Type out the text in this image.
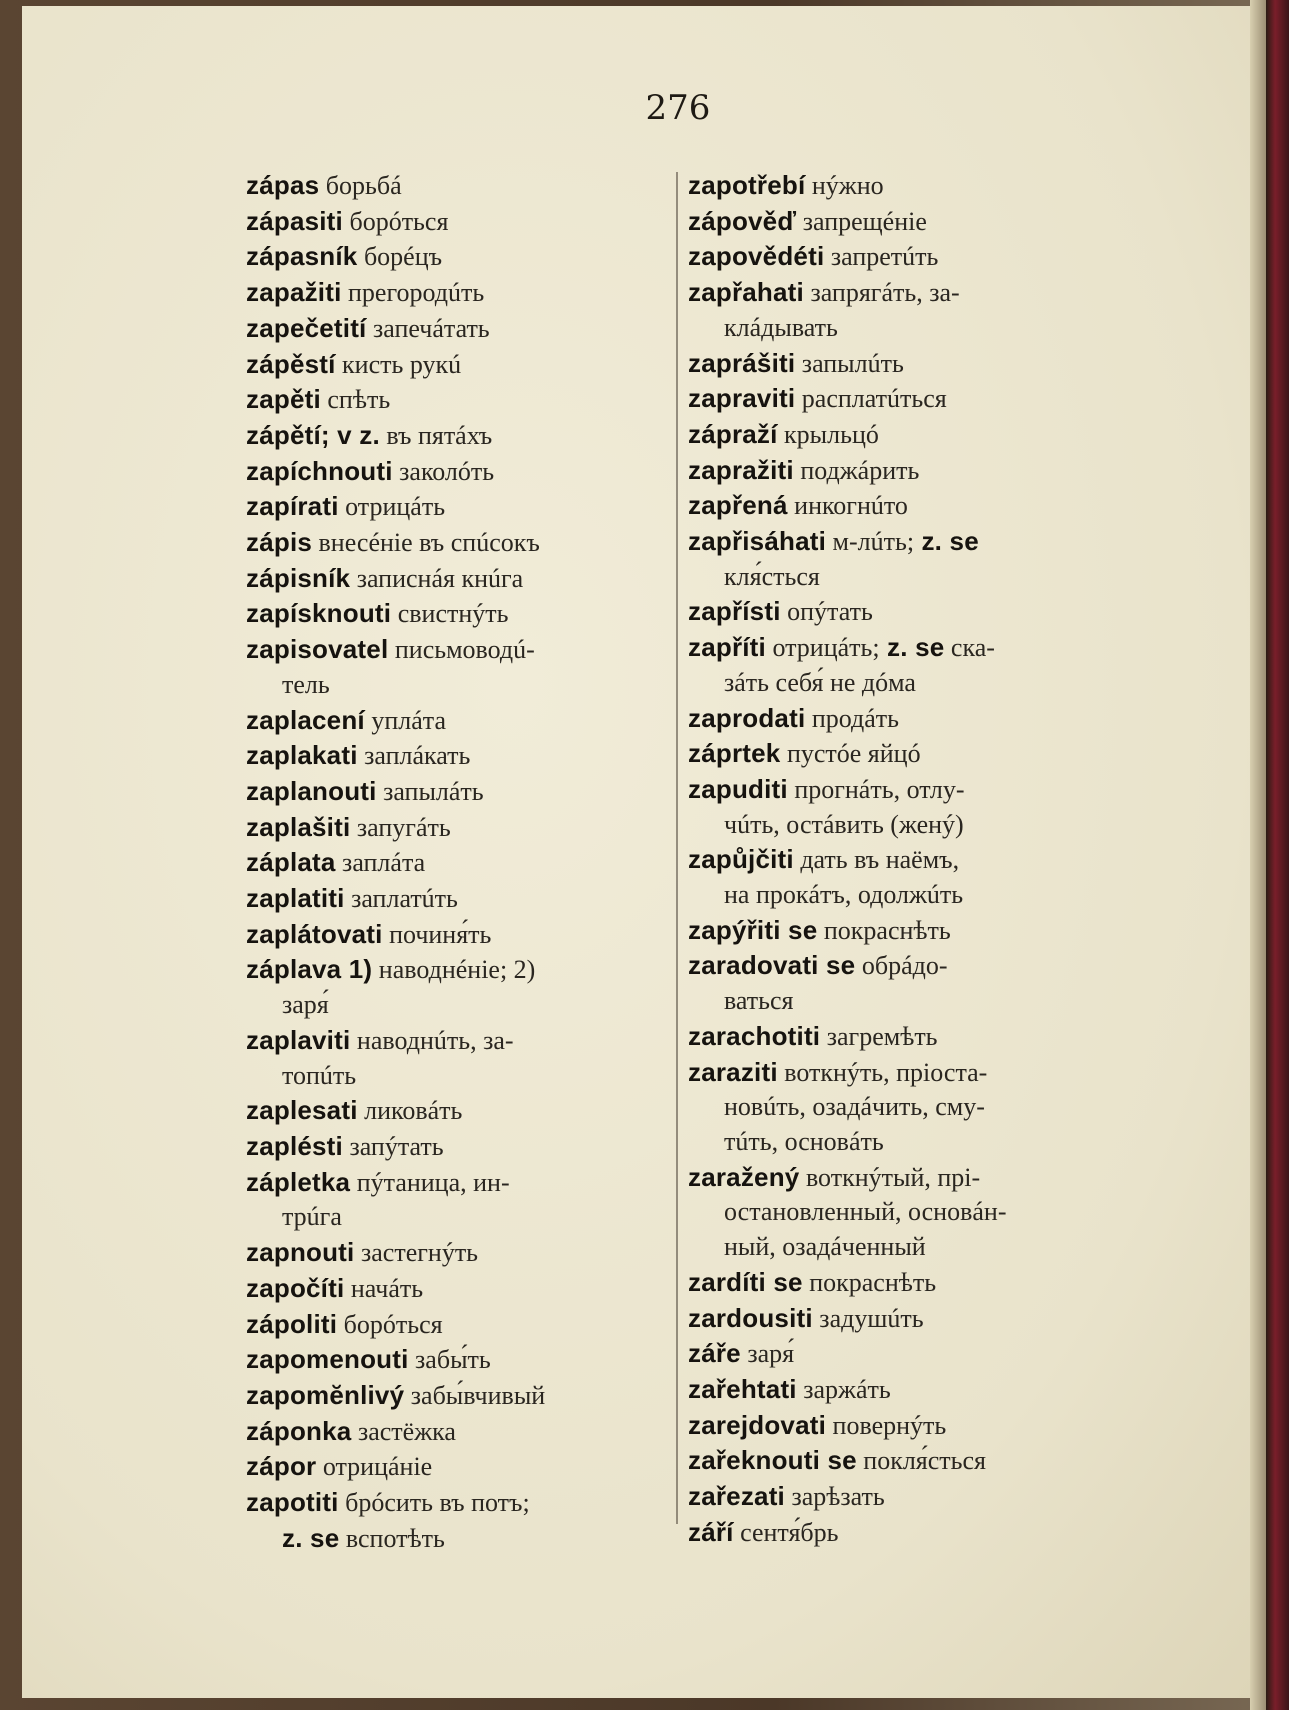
276

zápas борьбá

zápasiti борóться

zápasník борéцъ

zapažiti прегородúть

zapečetití запечáтать

zápěstí кисть рукú

zapěti спѣть

zápětí; v z. въ пятáхъ

zapíchnouti заколóть

zapírati отрицáть

zápis внесéніе въ спúсокъ

zápisník записнáя кнúга

zapísknouti свистнýть

zapisovatel письмоводú-
тель

zaplacení уплáта

zaplakati заплáкать

zaplanouti запылáть

zaplašiti запугáть

záplata заплáта

zaplatiti заплатúть

zaplátovati починя́ть

záplava 1) наводнéніе; 2)
заря́

zaplaviti наводнúть, за-
топúть

zaplesati ликовáть

zaplésti запýтать

zápletka пýтаница, ин-
трúга

zapnouti застегнýть

započíti начáть

zápoliti борóться

zapomenouti забы́ть

zapomĕnlivý забы́вчивый

záponka застёжка

zápor отрицáніе

zapotiti брóсить въ потъ;
z. se вспотѣть

zapotřebí нýжно

zápověď запрещéніе

zapovědéti запретúть

zapřahati запрягáть, за-
клáдывать

zaprášiti запылúть

zapraviti расплатúться

zápraží крыльцó

zapražiti поджáрить

zapřená инкогнúто

zapřisáhati м-лúть; z. se
кля́сться

zapřísti опýтать

zapříti отрицáть; z. se ска-
зáть себя́ не дóма

zaprodati продáть

záprtek пустóе яйцó

zapuditi прогнáть, отлу-
чúть, остáвить (женý)

zapůjčiti дать въ наёмъ,
на прокáтъ, одолжúть

zapýřiti se покраснѣть

zaradovati se обрáдо-
ваться

zarachotiti загремѣть

zaraziti воткнýть, пріоста-
новúть, озадáчить, сму-
тúть, основáть

zaražený воткнýтый, прі-
остановленный, основáн-
ный, озадáченный

zardíti se покраснѣть

zardousiti задушúть

záře заря́

zařehtati заржáть

zarejdovati повернýть

zařeknouti se покля́сться

zařezati зарѣзать

září сентя́брь
